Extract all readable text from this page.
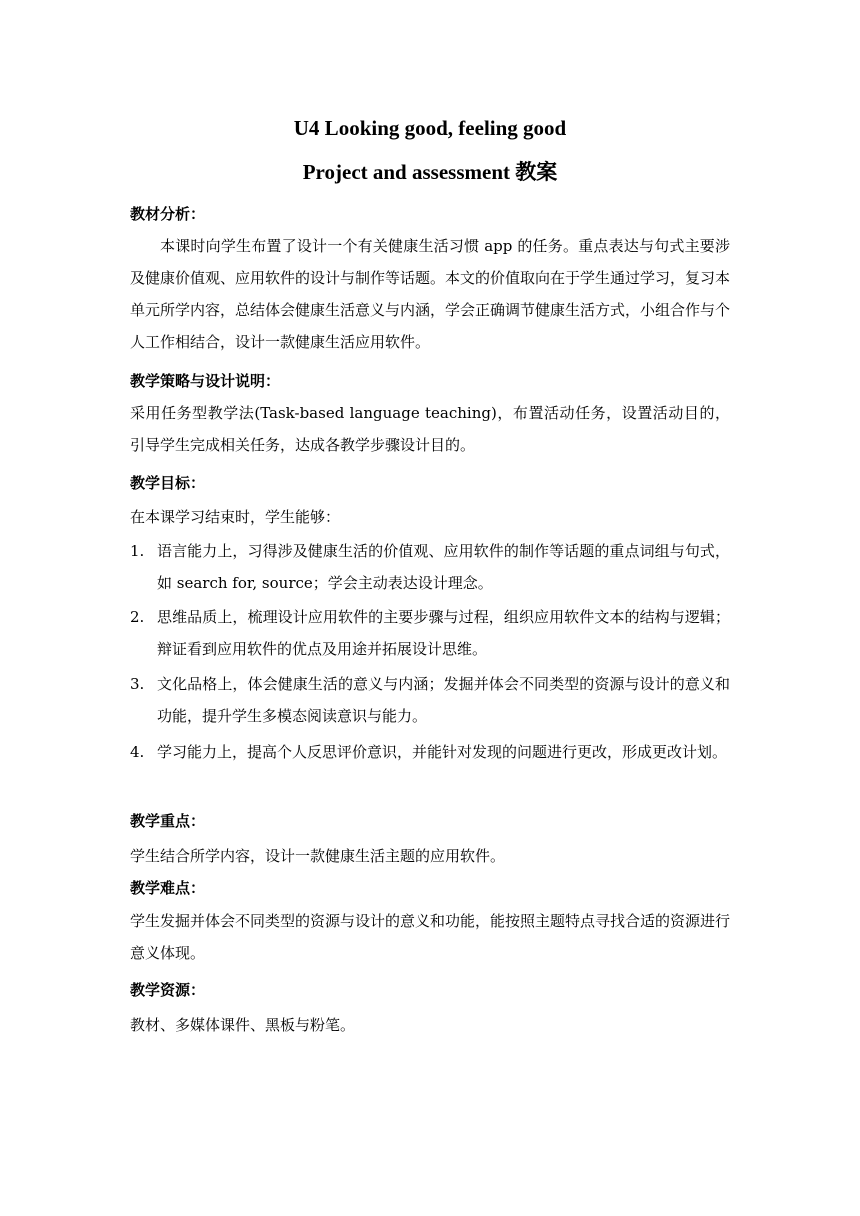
U4 Looking good, feeling good
Project and assessment 教案
教材分析：
本课时向学生布置了设计一个有关健康生活习惯 app 的任务。重点表达与句式主要涉及健康价值观、应用软件的设计与制作等话题。本文的价值取向在于学生通过学习，复习本单元所学内容，总结体会健康生活意义与内涵，学会正确调节健康生活方式，小组合作与个人工作相结合，设计一款健康生活应用软件。
教学策略与设计说明：
采用任务型教学法(Task-based language teaching)，布置活动任务，设置活动目的，引导学生完成相关任务，达成各教学步骤设计目的。
教学目标：
在本课学习结束时，学生能够：
1. 语言能力上，习得涉及健康生活的价值观、应用软件的制作等话题的重点词组与句式，如 search for, source；学会主动表达设计理念。
2. 思维品质上，梳理设计应用软件的主要步骤与过程，组织应用软件文本的结构与逻辑；辩证看到应用软件的优点及用途并拓展设计思维。
3. 文化品格上，体会健康生活的意义与内涵；发掘并体会不同类型的资源与设计的意义和功能，提升学生多模态阅读意识与能力。
4. 学习能力上，提高个人反思评价意识，并能针对发现的问题进行更改，形成更改计划。
教学重点：
学生结合所学内容，设计一款健康生活主题的应用软件。
教学难点：
学生发掘并体会不同类型的资源与设计的意义和功能，能按照主题特点寻找合适的资源进行意义体现。
教学资源：
教材、多媒体课件、黑板与粉笔。
